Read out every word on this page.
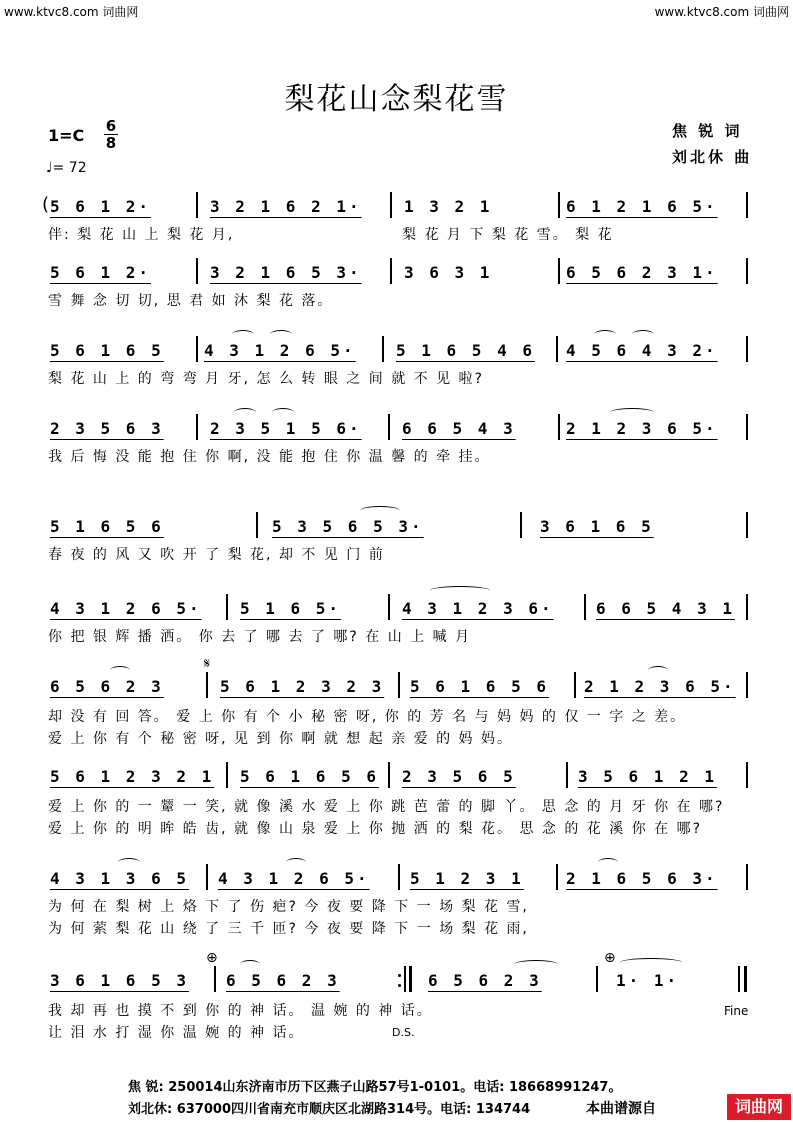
www.ktvc8.com 词曲网	www.ktvc8.com 词曲网
梨花山念梨花雪
1=C 6
8
♩= 72
焦 锐 词
刘北休 曲
( 5 6 1 2·	3 2 1 6 2 1·	1 3 2 1	6 1 2 1 6 5·
伴: 梨 花 山 上 梨 花 月,	梨 花 月 下 梨 花 雪。 梨 花
5 6 1 2·	3 2 1 6 5 3·	3 6 3 1	6 5 6 2 3 1·
雪 舞 念 切 切, 思 君 如 沐 梨 花 落。
5 6 1 6 5	4 3 1 2 6 5·	5 1 6 5 4 6	4 5 6 4 3 2·
梨 花 山 上 的 弯 弯 月 牙, 怎 么 转 眼 之 间 就 不 见 啦?
2 3 5 6 3	2 3 5 1 5 6·	6 6 5 4 3	2 1 2 3 6 5·
我 后 悔 没 能 抱 住 你 啊, 没 能 抱 住 你 温 馨 的 牵 挂。
5 1 6 5 6	5 3 5 6 5 3·	3 6 1 6 5
春 夜 的 风 又 吹 开 了 梨 花, 却 不 见 门 前
4 3 1 2 6 5·	5 1 6 5·	4 3 1 2 3 6·	6 6 5 4 3 1
你 把 银 辉 播 洒。 你 去 了 哪 去 了 哪? 在 山 上 喊 月
𝄋
6 5 6 2 3	5 6 1 2 3 2 3	5 6 1 6 5 6	2 1 2 3 6 5·
却 没 有 回 答。 爱 上 你 有 个 小 秘 密 呀, 你 的 芳 名 与 妈 妈 的 仅 一 字 之 差。
爱 上 你 有 个 秘 密 呀, 见 到 你 啊 就 想 起 亲 爱 的 妈 妈。
5 6 1 2 3 2 1	5 6 1 6 5 6	2 3 5 6 5	3 5 6 1 2 1
爱 上 你 的 一 颦 一 笑, 就 像 溪 水 爱 上 你 跳 芭 蕾 的 脚 丫。 思 念 的 月 牙 你 在 哪?
爱 上 你 的 明 眸 皓 齿, 就 像 山 泉 爱 上 你 抛 洒 的 梨 花。 思 念 的 花 溪 你 在 哪?
4 3 1 3 6 5	4 3 1 2 6 5·	5 1 2 3 1	2 1 6 5 6 3·
为 何 在 梨 树 上 烙 下 了 伤 疤? 今 夜 要 降 下 一 场 梨 花 雪,
为 何 萦 梨 花 山 绕 了 三 千 匝? 今 夜 要 降 下 一 场 梨 花 雨,
⊕	⊕
3 6 1 6 5 3	6 5 6 2 3	6 5 6 2 3	1· 1·
我 却 再 也 摸 不 到 你 的 神 话。 温 婉 的 神 话。
让 泪 水 打 湿 你 温 婉 的 神 话。
Fine
D.S.
焦 锐: 250014山东济南市历下区燕子山路57号1-0101。电话: 18668991247。
刘北休: 637000四川省南充市顺庆区北湖路314号。电话: 134744	本曲谱源自	词曲网
